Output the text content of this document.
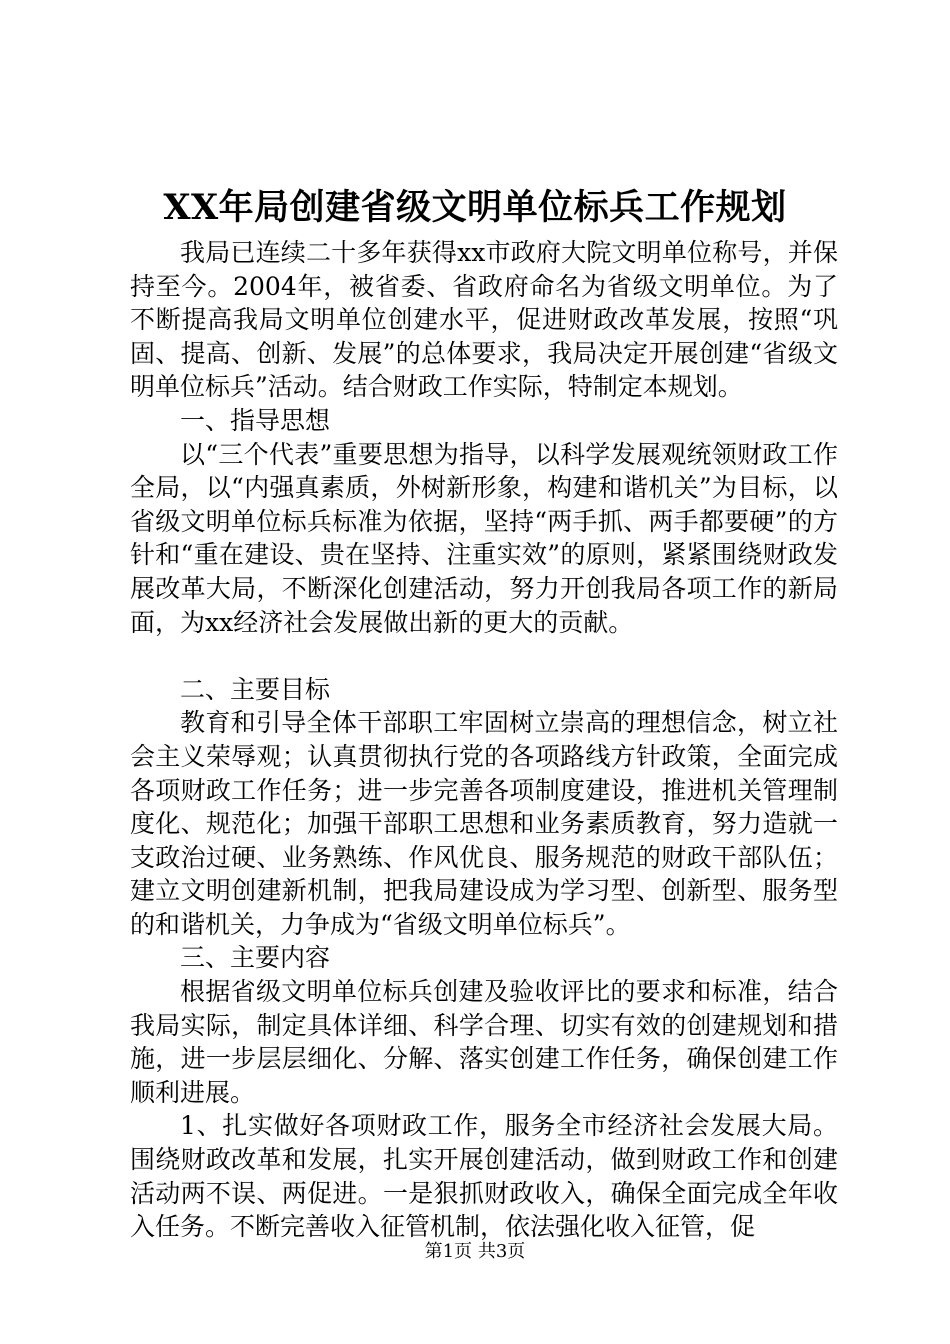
XX年局创建省级文明单位标兵工作规划

我局已连续二十多年获得xx市政府大院文明单位称号，并保持至今。2004年，被省委、省政府命名为省级文明单位。为了不断提高我局文明单位创建水平，促进财政改革发展，按照“巩固、提高、创新、发展”的总体要求，我局决定开展创建“省级文明单位标兵”活动。结合财政工作实际，特制定本规划。

一、指导思想

以“三个代表”重要思想为指导，以科学发展观统领财政工作全局，以“内强真素质，外树新形象，构建和谐机关”为目标，以省级文明单位标兵标准为依据，坚持“两手抓、两手都要硬”的方针和“重在建设、贵在坚持、注重实效”的原则，紧紧围绕财政发展改革大局，不断深化创建活动，努力开创我局各项工作的新局面，为xx经济社会发展做出新的更大的贡献。

二、主要目标

教育和引导全体干部职工牢固树立崇高的理想信念，树立社会主义荣辱观；认真贯彻执行党的各项路线方针政策，全面完成各项财政工作任务；进一步完善各项制度建设，推进机关管理制度化、规范化；加强干部职工思想和业务素质教育，努力造就一支政治过硬、业务熟练、作风优良、服务规范的财政干部队伍；建立文明创建新机制，把我局建设成为学习型、创新型、服务型的和谐机关，力争成为“省级文明单位标兵”。

三、主要内容

根据省级文明单位标兵创建及验收评比的要求和标准，结合我局实际，制定具体详细、科学合理、切实有效的创建规划和措施，进一步层层细化、分解、落实创建工作任务，确保创建工作顺利进展。

1、扎实做好各项财政工作，服务全市经济社会发展大局。围绕财政改革和发展，扎实开展创建活动，做到财政工作和创建活动两不误、两促进。一是狠抓财政收入，确保全面完成全年收入任务。不断完善收入征管机制，依法强化收入征管，促

第1页 共3页
